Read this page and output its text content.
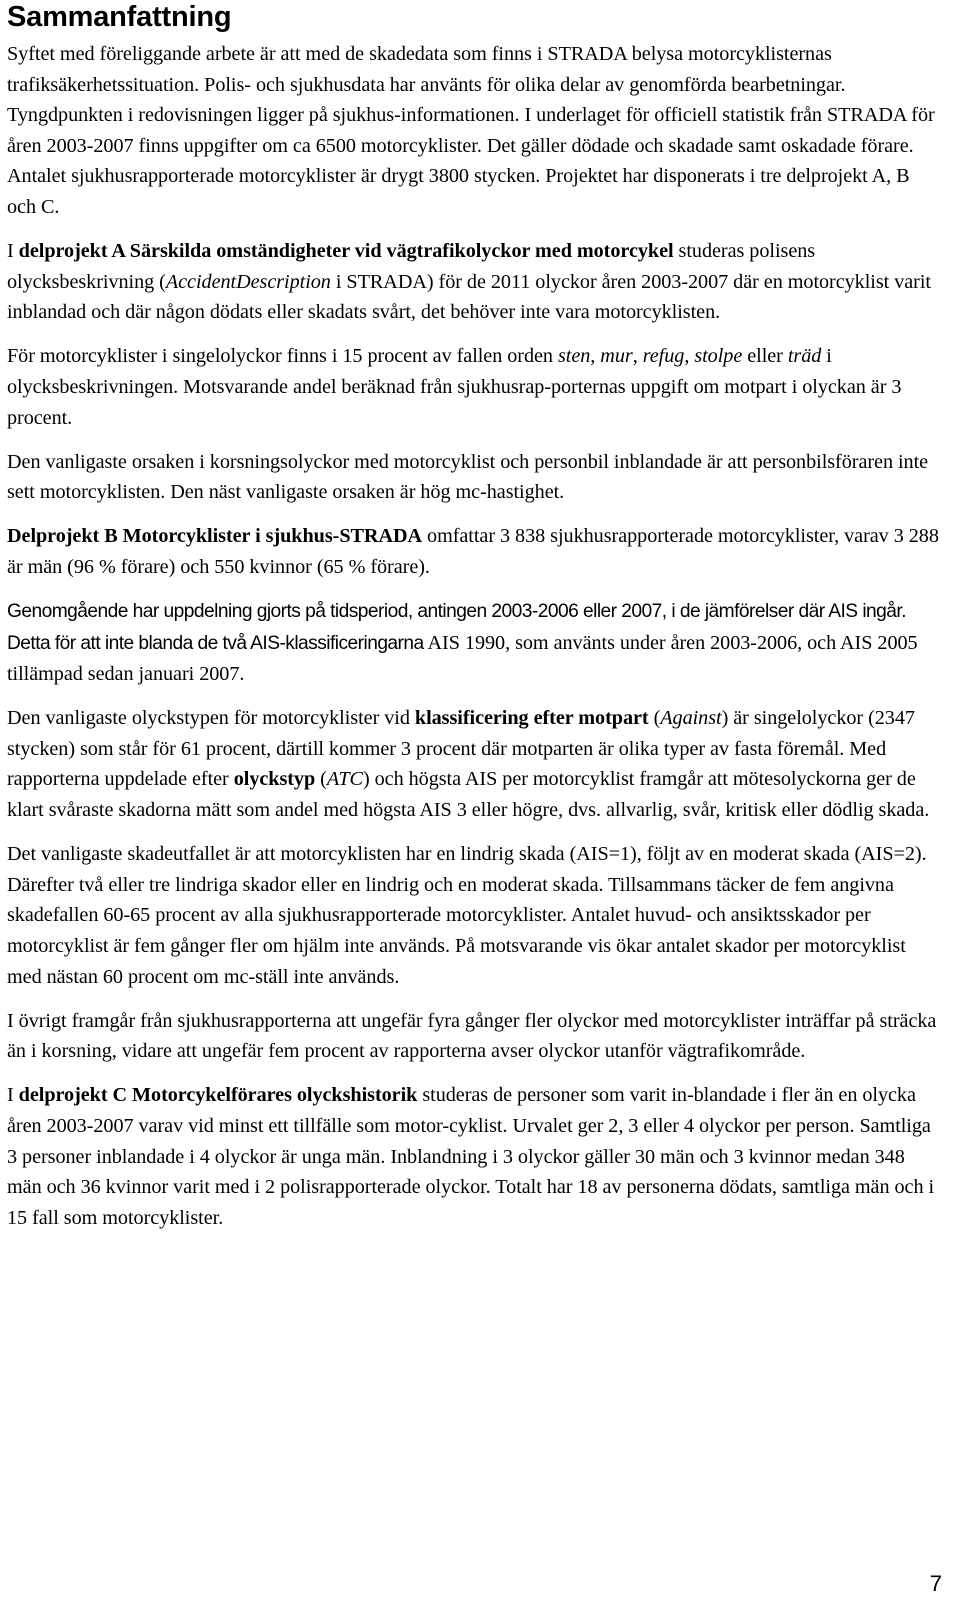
Sammanfattning

Syftet med föreliggande arbete är att med de skadedata som finns i STRADA belysa motorcyklisternas trafiksäkerhetssituation. Polis- och sjukhusdata har använts för olika delar av genomförda bearbetningar. Tyngdpunkten i redovisningen ligger på sjukhus-informationen. I underlaget för officiell statistik från STRADA för åren 2003-2007 finns uppgifter om ca 6500 motorcyklister. Det gäller dödade och skadade samt oskadade förare. Antalet sjukhusrapporterade motorcyklister är drygt 3800 stycken. Projektet har disponerats i tre delprojekt A, B och C.

I delprojekt A Särskilda omständigheter vid vägtrafikolyckor med motorcykel studeras polisens olycksbeskrivning (AccidentDescription i STRADA) för de 2011 olyckor åren 2003-2007 där en motorcyklist varit inblandad och där någon dödats eller skadats svårt, det behöver inte vara motorcyklisten.

För motorcyklister i singelolyckor finns i 15 procent av fallen orden sten, mur, refug, stolpe eller träd i olycksbeskrivningen. Motsvarande andel beräknad från sjukhusrap-porternas uppgift om motpart i olyckan är 3 procent.

Den vanligaste orsaken i korsningsolyckor med motorcyklist och personbil inblandade är att personbilsföraren inte sett motorcyklisten. Den näst vanligaste orsaken är hög mc-hastighet.

Delprojekt B Motorcyklister i sjukhus-STRADA omfattar 3 838 sjukhusrapporterade motorcyklister, varav 3 288 är män (96 % förare) och 550 kvinnor (65 % förare).

Genomgående har uppdelning gjorts på tidsperiod, antingen 2003-2006 eller 2007, i de jämförelser där AIS ingår. Detta för att inte blanda de två AIS-klassificeringarna AIS 1990, som använts under åren 2003-2006, och AIS 2005 tillämpad sedan januari 2007.

Den vanligaste olyckstypen för motorcyklister vid klassificering efter motpart (Against) är singelolyckor (2347 stycken) som står för 61 procent, därtill kommer 3 procent där motparten är olika typer av fasta föremål. Med rapporterna uppdelade efter olyckstyp (ATC) och högsta AIS per motorcyklist framgår att mötesolyckorna ger de klart svåraste skadorna mätt som andel med högsta AIS 3 eller högre, dvs. allvarlig, svår, kritisk eller dödlig skada.

Det vanligaste skadeutfallet är att motorcyklisten har en lindrig skada (AIS=1), följt av en moderat skada (AIS=2). Därefter två eller tre lindriga skador eller en lindrig och en moderat skada. Tillsammans täcker de fem angivna skadefallen 60-65 procent av alla sjukhusrapporterade motorcyklister. Antalet huvud- och ansiktsskador per motorcyklist är fem gånger fler om hjälm inte används. På motsvarande vis ökar antalet skador per motorcyklist med nästan 60 procent om mc-ställ inte används.

I övrigt framgår från sjukhusrapporterna att ungefär fyra gånger fler olyckor med motorcyklister inträffar på sträcka än i korsning, vidare att ungefär fem procent av rapporterna avser olyckor utanför vägtrafikområde.

I delprojekt C Motorcykelförares olyckshistorik studeras de personer som varit in-blandade i fler än en olycka åren 2003-2007 varav vid minst ett tillfälle som motor-cyklist. Urvalet ger 2, 3 eller 4 olyckor per person. Samtliga 3 personer inblandade i 4 olyckor är unga män. Inblandning i 3 olyckor gäller 30 män och 3 kvinnor medan 348 män och 36 kvinnor varit med i 2 polisrapporterade olyckor. Totalt har 18 av personerna dödats, samtliga män och i 15 fall som motorcyklister.

7
